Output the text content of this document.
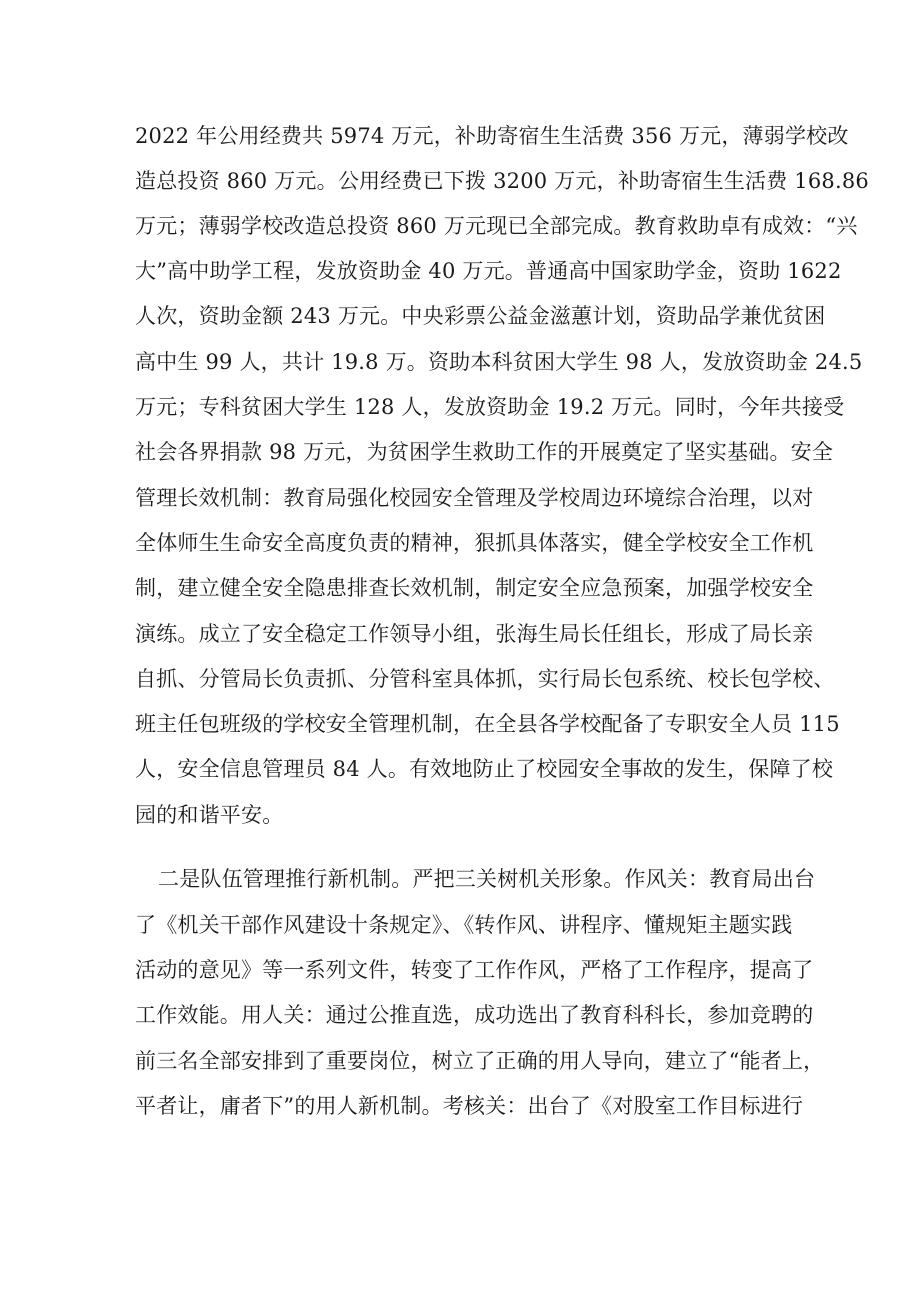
2022 年公用经费共 5974 万元，补助寄宿生生活费 356 万元，薄弱学校改
造总投资 860 万元。公用经费已下拨 3200 万元，补助寄宿生生活费 168.86
万元；薄弱学校改造总投资 860 万元现已全部完成。教育救助卓有成效：“兴
大”高中助学工程，发放资助金 40 万元。普通高中国家助学金，资助 1622
人次，资助金额 243 万元。中央彩票公益金滋蕙计划，资助品学兼优贫困
高中生 99 人，共计 19.8 万。资助本科贫困大学生 98 人，发放资助金 24.5
万元；专科贫困大学生 128 人，发放资助金 19.2 万元。同时，今年共接受
社会各界捐款 98 万元，为贫困学生救助工作的开展奠定了坚实基础。安全
管理长效机制：教育局强化校园安全管理及学校周边环境综合治理，以对
全体师生生命安全高度负责的精神，狠抓具体落实，健全学校安全工作机
制，建立健全安全隐患排查长效机制，制定安全应急预案，加强学校安全
演练。成立了安全稳定工作领导小组，张海生局长任组长，形成了局长亲
自抓、分管局长负责抓、分管科室具体抓，实行局长包系统、校长包学校、
班主任包班级的学校安全管理机制，在全县各学校配备了专职安全人员 115
人，安全信息管理员 84 人。有效地防止了校园安全事故的发生，保障了校
园的和谐平安。
二是队伍管理推行新机制。严把三关树机关形象。作风关：教育局出台
了《机关干部作风建设十条规定》、《转作风、讲程序、懂规矩主题实践
活动的意见》等一系列文件，转变了工作作风，严格了工作程序，提高了
工作效能。用人关：通过公推直选，成功选出了教育科科长，参加竞聘的
前三名全部安排到了重要岗位，树立了正确的用人导向，建立了“能者上，
平者让，庸者下”的用人新机制。考核关：出台了《对股室工作目标进行
